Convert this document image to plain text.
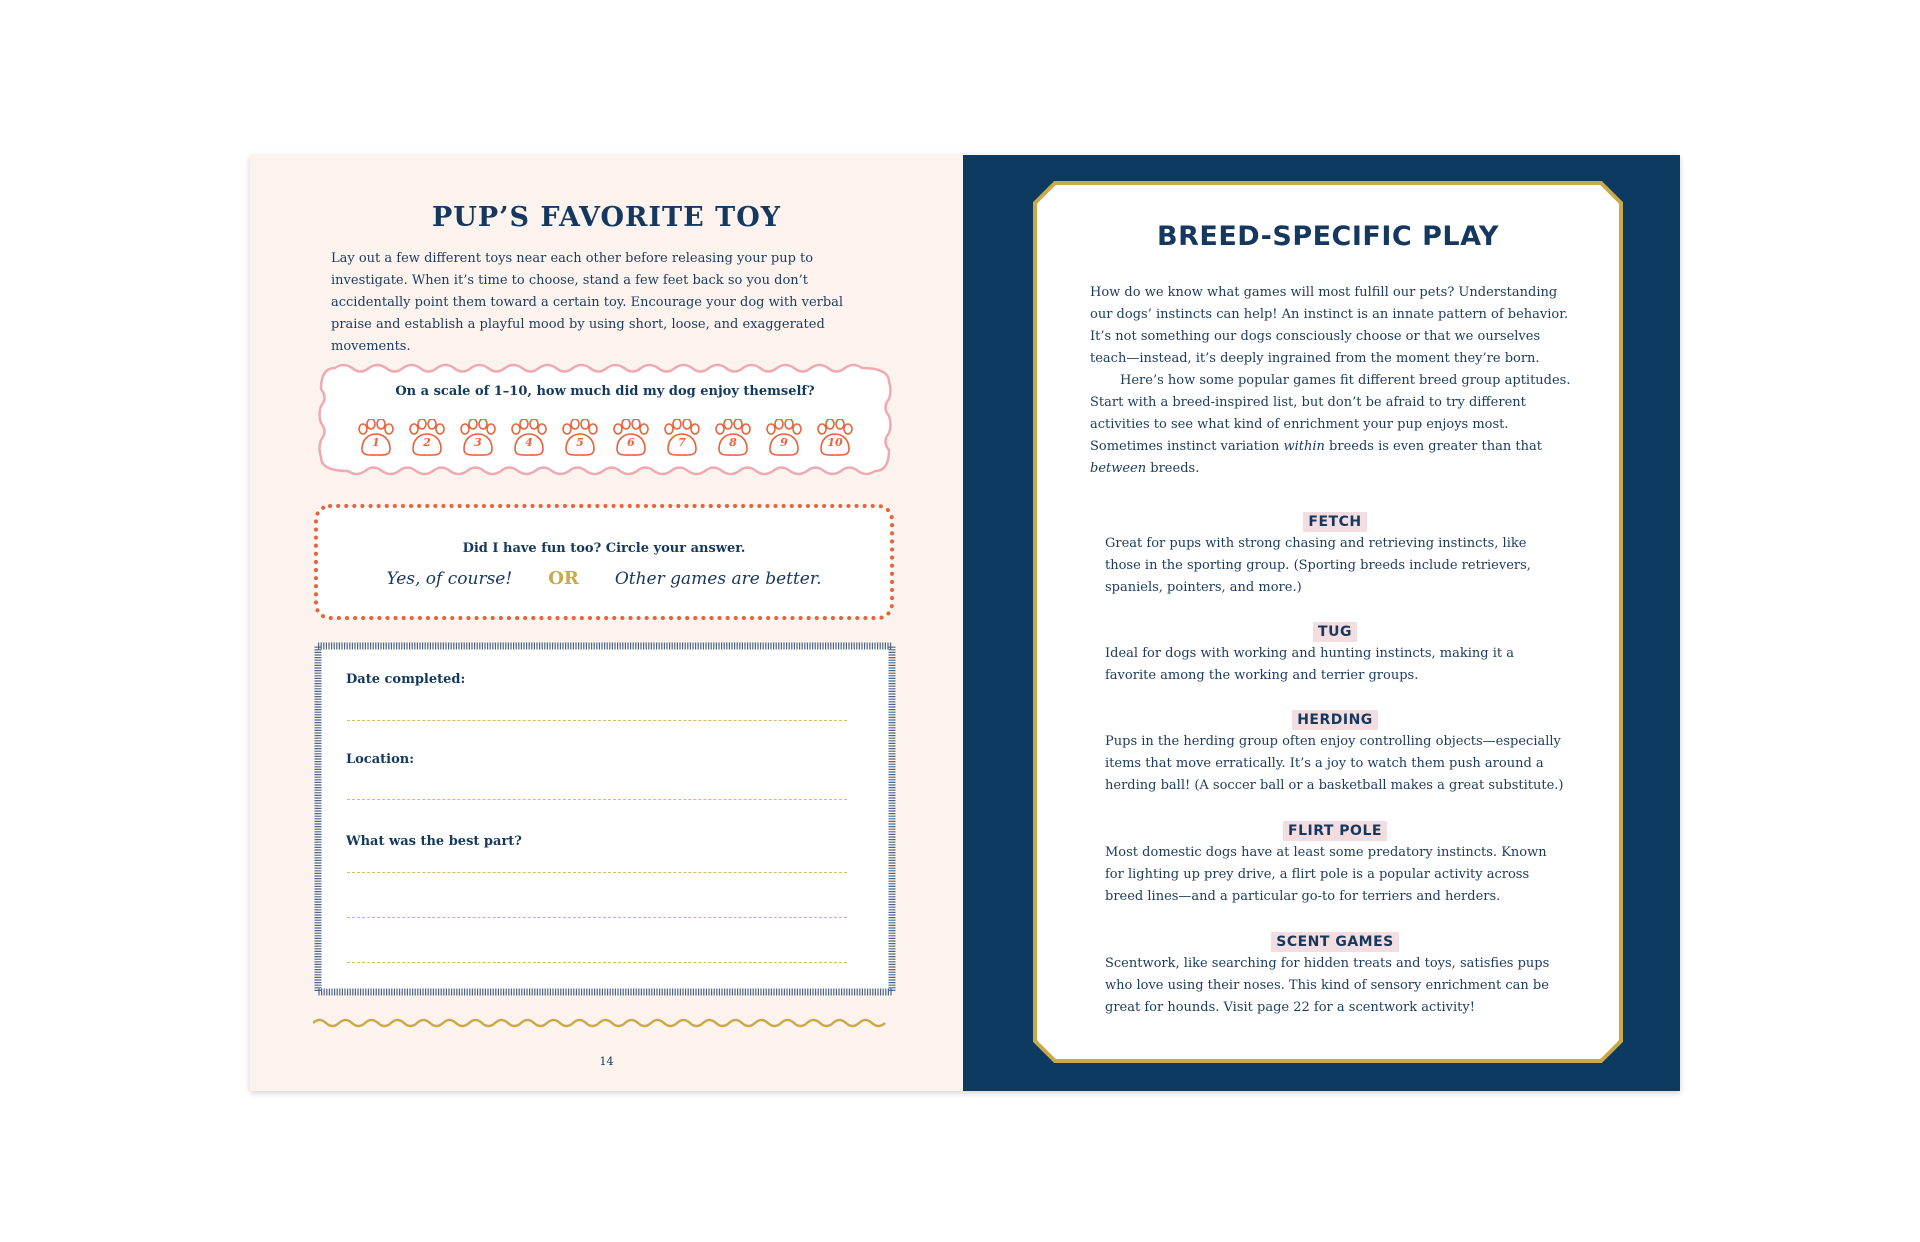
PUP’S FAVORITE TOY
Lay out a few different toys near each other before releasing your pup to investigate. When it’s time to choose, stand a few feet back so you don’t accidentally point them toward a certain toy. Encourage your dog with verbal praise and establish a playful mood by using short, loose, and exaggerated movements.
On a scale of 1–10, how much did my dog enjoy themself?
1	2	3	4	5	6	7	8	9	10
Did I have fun too? Circle your answer.
Yes, of course! OR Other games are better.
Date completed:
Location:
What was the best part?
14
BREED-SPECIFIC PLAY

How do we know what games will most fulfill our pets? Understanding our dogs’ instincts can help! An instinct is an innate pattern of behavior. It’s not something our dogs consciously choose or that we ourselves teach—instead, it’s deeply ingrained from the moment they’re born.

Here’s how some popular games fit different breed group aptitudes. Start with a breed-inspired list, but don’t be afraid to try different activities to see what kind of enrichment your pup enjoys most. Sometimes instinct variation within breeds is even greater than that between breeds.

FETCH
Great for pups with strong chasing and retrieving instincts, like those in the sporting group. (Sporting breeds include retrievers, spaniels, pointers, and more.)
TUG
Ideal for dogs with working and hunting instincts, making it a favorite among the working and terrier groups.
HERDING
Pups in the herding group often enjoy controlling objects—especially items that move erratically. It’s a joy to watch them push around a herding ball! (A soccer ball or a basketball makes a great substitute.)
FLIRT POLE
Most domestic dogs have at least some predatory instincts. Known for lighting up prey drive, a flirt pole is a popular activity across breed lines—and a particular go-to for terriers and herders.
SCENT GAMES
Scentwork, like searching for hidden treats and toys, satisfies pups who love using their noses. This kind of sensory enrichment can be great for hounds. Visit page 22 for a scentwork activity!
